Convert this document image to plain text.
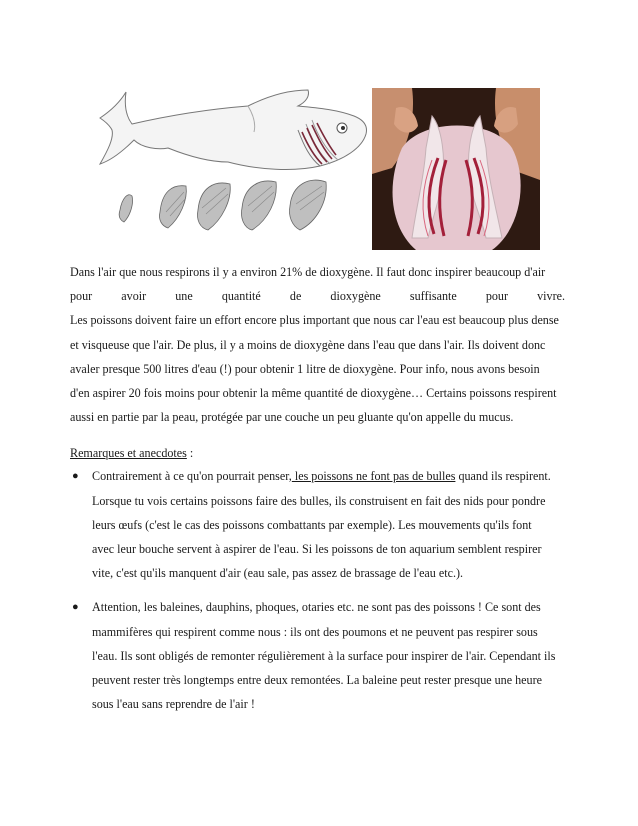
Dans l'air que nous respirons il y a environ 21% de dioxygène. Il faut donc inspirer beaucoup d'air

pour avoir une quantité de dioxygène suffisante pour vivre.

Les poissons doivent faire un effort encore plus important que nous car l'eau est beaucoup plus dense

et visqueuse que l'air. De plus, il y a moins de dioxygène dans l'eau que dans l'air. Ils doivent donc

avaler presque 500 litres d'eau (!) pour obtenir 1 litre de dioxygène. Pour info, nous avons besoin

d'en aspirer 20 fois moins pour obtenir la même quantité de dioxygène… Certains poissons respirent

aussi en partie par la peau, protégée par une couche un peu gluante qu'on appelle du mucus.

Remarques et anecdotes :
● Contrairement à ce qu'on pourrait penser, les poissons ne font pas de bulles quand ils respirent.

Lorsque tu vois certains poissons faire des bulles, ils construisent en fait des nids pour pondre

leurs œufs (c'est le cas des poissons combattants par exemple). Les mouvements qu'ils font

avec leur bouche servent à aspirer de l'eau. Si les poissons de ton aquarium semblent respirer

vite, c'est qu'ils manquent d'air (eau sale, pas assez de brassage de l'eau etc.).

● Attention, les baleines, dauphins, phoques, otaries etc. ne sont pas des poissons ! Ce sont des

mammifères qui respirent comme nous : ils ont des poumons et ne peuvent pas respirer sous

l'eau. Ils sont obligés de remonter régulièrement à la surface pour inspirer de l'air. Cependant ils

peuvent rester très longtemps entre deux remontées. La baleine peut rester presque une heure

sous l'eau sans reprendre de l'air !
